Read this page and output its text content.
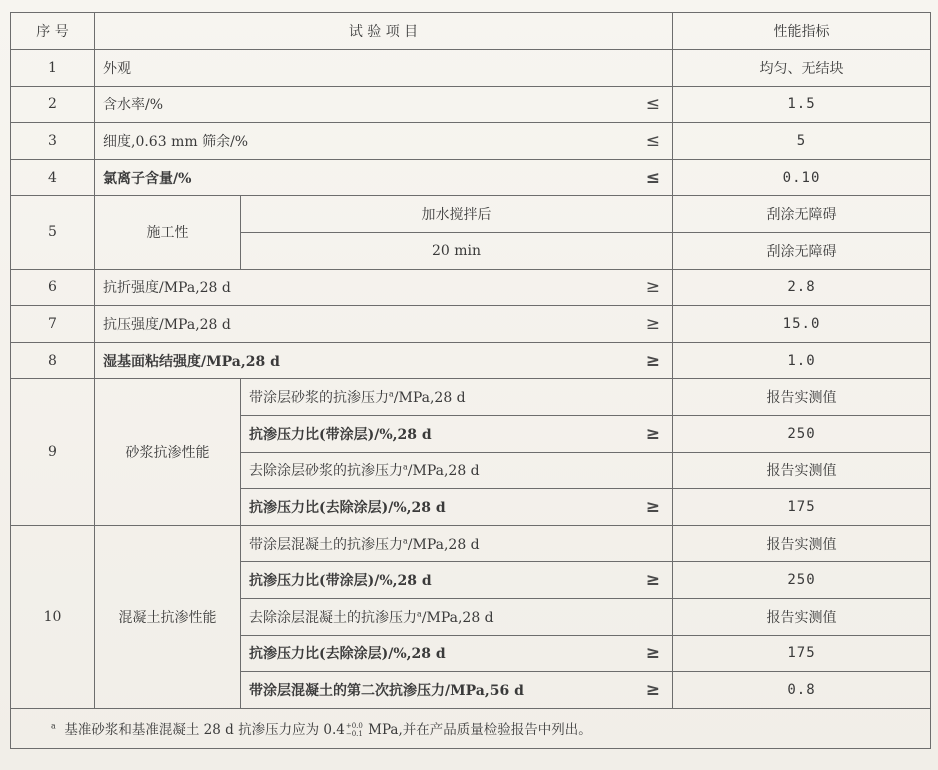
序 号	试 验 项 目		性能指标
1	外观		均匀、无结块
2	含水率/% ≤		1.5
3	细度,0.63 mm 筛余/% ≤		5
4	氯离子含量/% ≤		0.10
5	施工性	加水搅拌后	刮涂无障碍
		20 min	刮涂无障碍
6	抗折强度/MPa,28 d ≥		2.8
7	抗压强度/MPa,28 d ≥		15.0
8	湿基面粘结强度/MPa,28 d ≥		1.0
9	砂浆抗渗性能	带涂层砂浆的抗渗压力$^a$/MPa,28 d	报告实测值

		抗渗压力比(带涂层)/%,28 d ≥	250
		去除涂层砂浆的抗渗压力$^a$/MPa,28 d	报告实测值

		抗渗压力比(去除涂层)/%,28 d ≥	175
10	混凝土抗渗性能	带涂层混凝土的抗渗压力$^a$/MPa,28 d	报告实测值

		抗渗压力比(带涂层)/%,28 d ≥	250
		去除涂层混凝土的抗渗压力$^a$/MPa,28 d	报告实测值

		抗渗压力比(去除涂层)/%,28 d ≥	175

		带涂层混凝土的第二次抗渗压力/MPa,56 d ≥	0.8
$^a$ 基准砂浆和基准混凝土 28 d 抗渗压力应为 0.4 +0.0
−0.1 MPa,并在产品质量检验报告中列出。			
